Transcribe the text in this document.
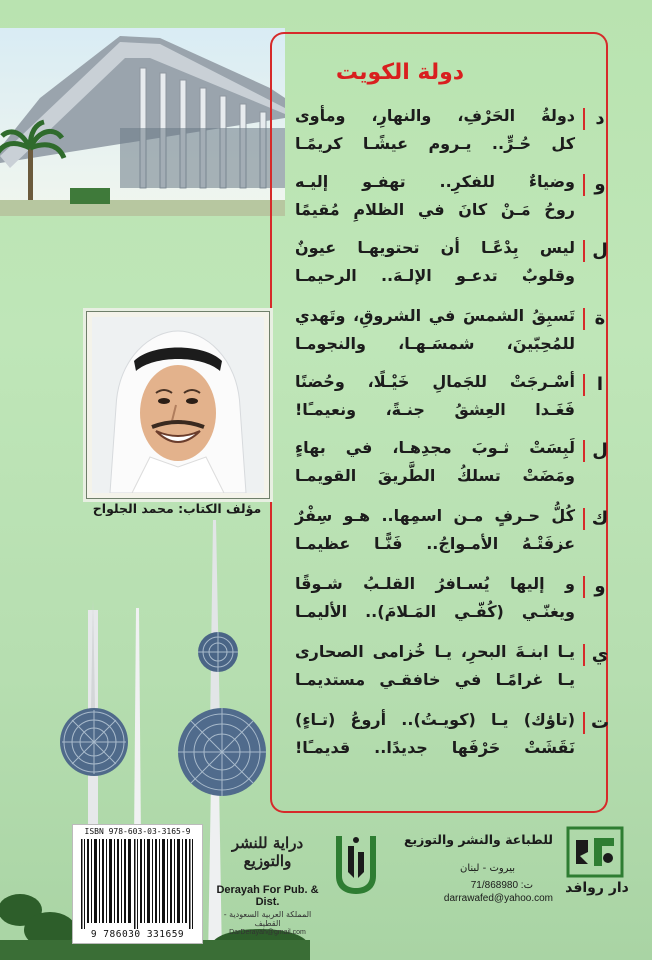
دولة الكويت
د
دولةُ الحَرْفِ، والنهارِ، ومأوى
كل حُـرٍّ.. يـروم عيشًـا كريمًـا
و
وضياءٌ للفكرِ.. تهفـو إليـه
روحُ مَـنْ كانَ في الظلامِ مُقيمًا
ل
ليس بِدْعًـا أن تحتويهـا عيونٌ
وقلوبٌ تدعـو الإلـهَ.. الرحيمـا
ة
تَسبِقُ الشمسَ في الشروقِ، وتَهدي
للمُحِبّينَ، شمسَـهـا، والنجومـا
ا
أسْـرجَتْ للجَمالِ خَيْـلًا، وحُضنًا
فَغَـدا العِشقُ جنـةً، ونعيمـًا!
ل
لَبِسَتْ ثـوبَ مجدِهـا، في بهاءٍ
ومَضَتْ تسلكُ الطَّريقَ القويمـا
ك
كُلُّ حـرفٍ مـن اسمِها.. هـو سِفْرٌ
عزفَتْـهُ الأمـواجُ.. فَنًّـا عظيمـا
و
و إليها يُسـافرُ القلـبُ شـوقًا
ويغنّـي (كُفّـي المَـلامَ).. الأليمـا
ي
يـا ابنـةَ البحرِ، يـا خُزامى الصحارى
يـا غرامًـا في خافقـي مستديمـا
ت
(تاؤك) يـا (كويـتُ).. أروعُ (تـاءٍ)
نَقَشَتْ حَرْفَها جديدًا.. قديمـًا!
مؤلف الكتاب: محمد الجلواح
ISBN 978-603-03-3165-9
9 786030 331659
دراية للنشر والتوزيع
Derayah For Pub. & Dist.
المملكة العربية السعودية - القطيف
DarDerayah@gmail.com
للطباعة والنشر والتوزيع
بيروت - لبنان
ت: 71/868980
darrawafed@yahoo.com
دار روافد
